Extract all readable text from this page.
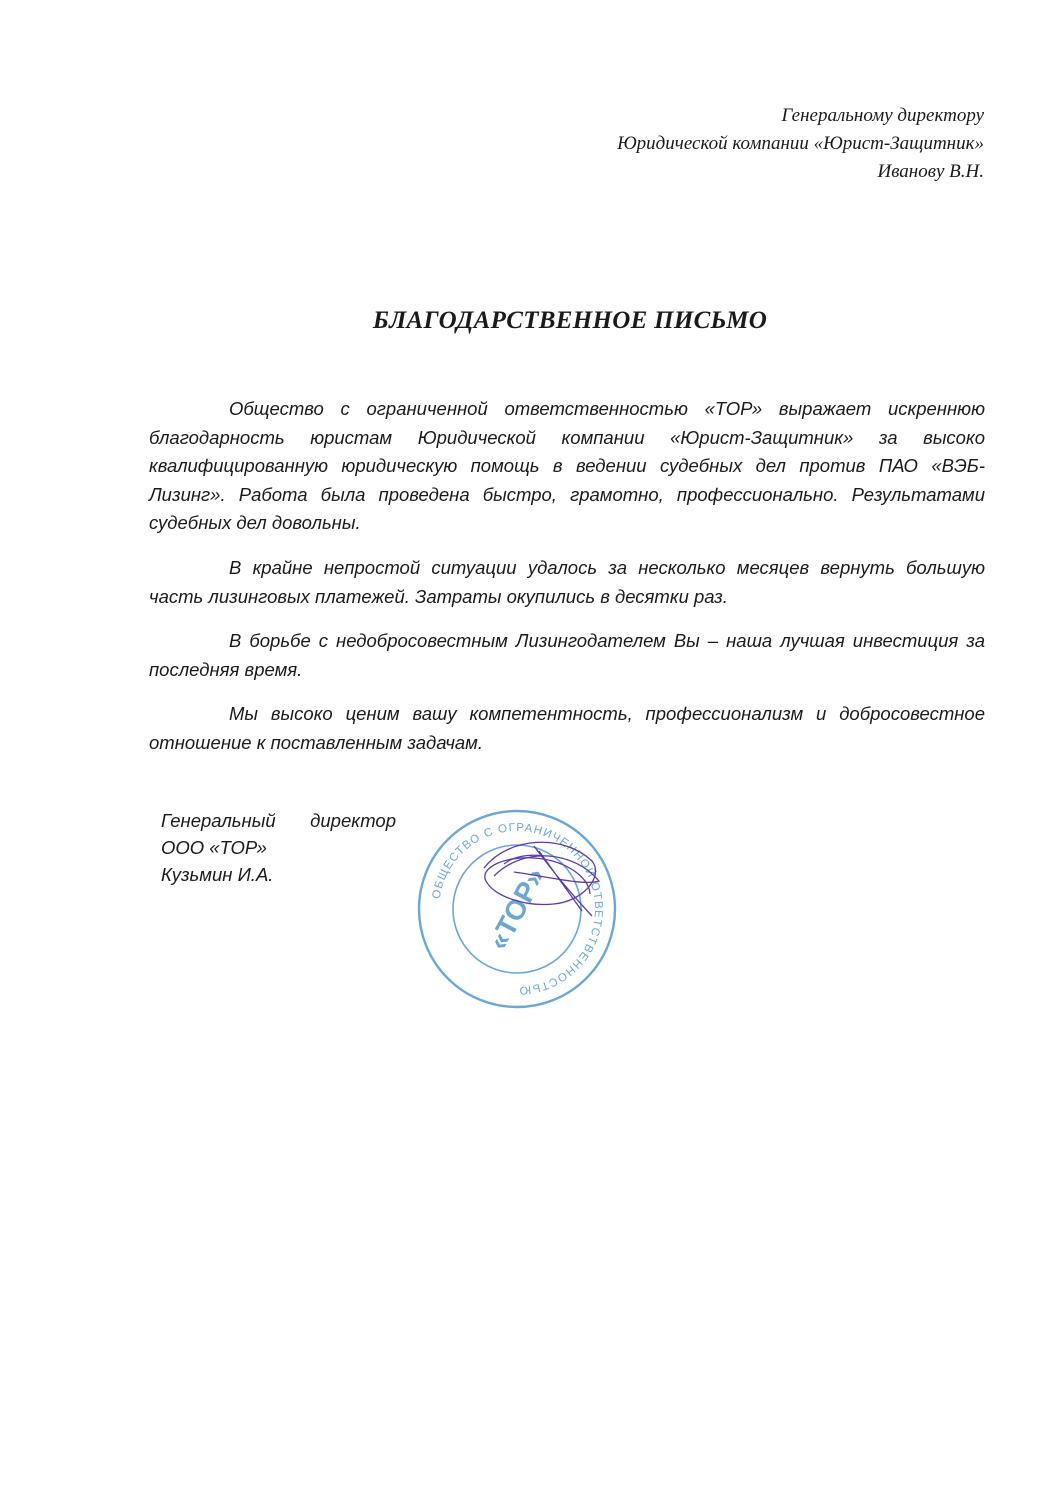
Генеральному директору
Юридической компании «Юрист-Защитник»
Иванову В.Н.
БЛАГОДАРСТВЕННОЕ ПИСЬМО

Общество с ограниченной ответственностью «ТОР» выражает искреннюю благодарность юристам Юридической компании «Юрист-Защитник» за высоко квалифицированную юридическую помощь в ведении судебных дел против ПАО «ВЭБ-Лизинг». Работа была проведена быстро, грамотно, профессионально. Результатами судебных дел довольны.

В крайне непростой ситуации удалось за несколько месяцев вернуть большую часть лизинговых платежей. Затраты окупились в десятки раз.

В борьбе с недобросовестным Лизингодателем Вы – наша лучшая инвестиция за последняя время.

Мы высоко ценим вашу компетентность, профессионализм и добросовестное отношение к поставленным задачам.

Генеральный директор
ООО «ТОР»
Кузьмин И.А.
ОБЩЕСТВО С ОГРАНИЧЕННОЙ ОТВЕТСТВЕННОСТЬЮ
«ТОР»
